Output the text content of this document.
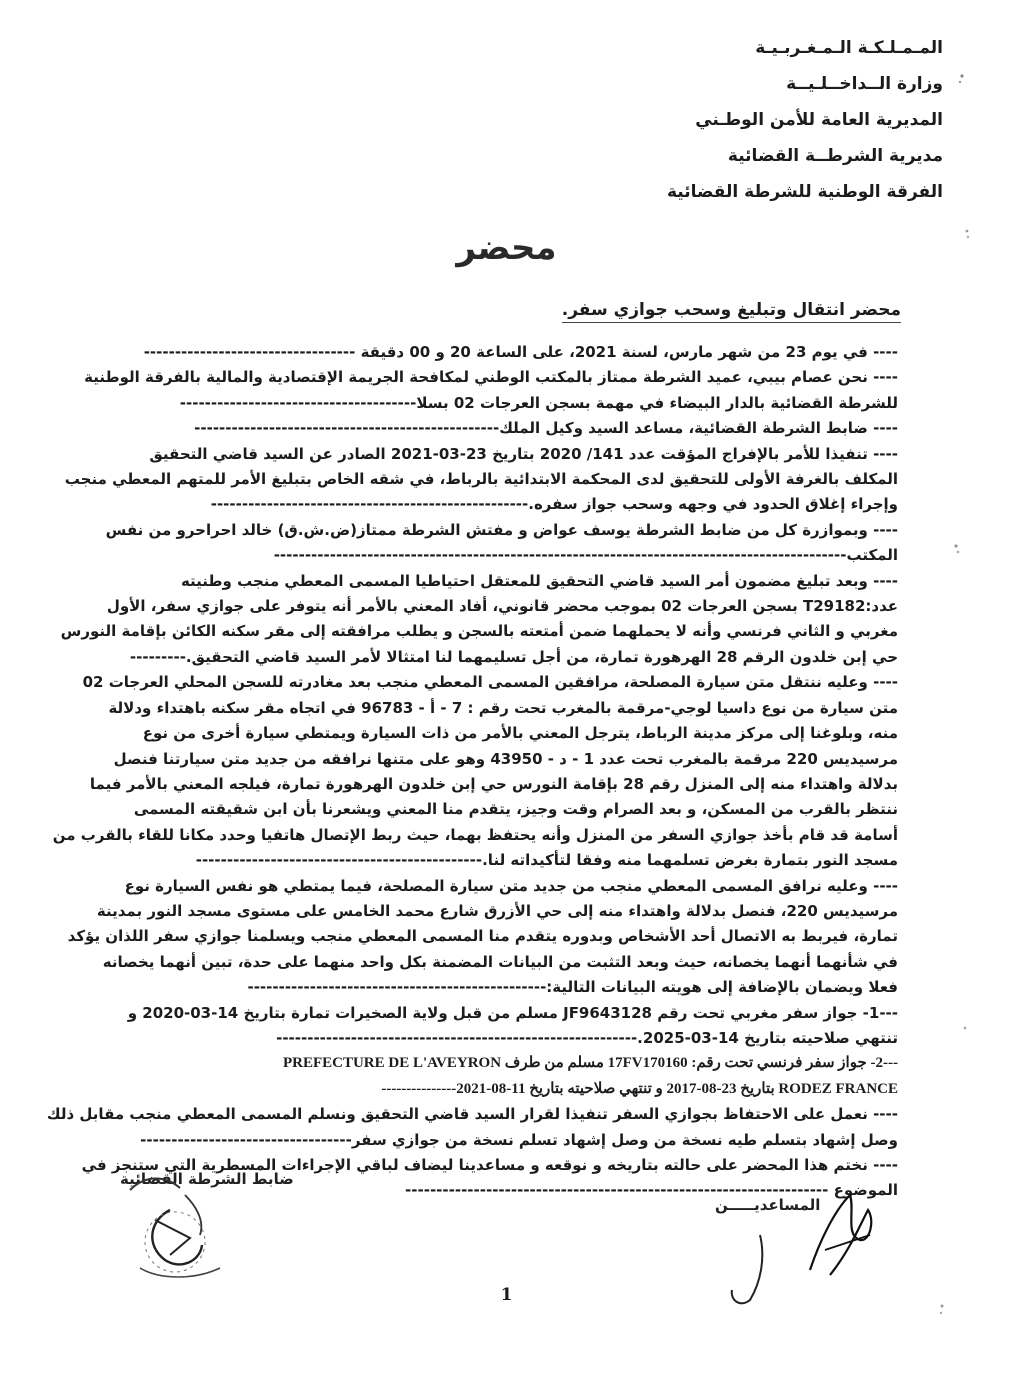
المـمـلـكـة الـمـغـربـيـة
وزارة الــداخــلـيــة
المديرية العامة للأمن الوطـني
مديرية الشرطــة القضائية
الفرقة الوطنية للشرطة القضائية
محضر
محضر انتقال وتبليغ وسحب جوازي سفر.
---- في يوم 23 من شهر مارس، لسنة 2021، على الساعة 20 و 00 دقيقة ----------------------------------
---- نحن عصام بيبي، عميد الشرطة ممتاز بالمكتب الوطني لمكافحة الجريمة الإقتصادية والمالية بالفرقة الوطنية
للشرطة القضائية بالدار البيضاء في مهمة بسجن العرجات 02 بسلا--------------------------------------
---- ضابط الشرطة القضائية، مساعد السيد وكيل الملك-------------------------------------------------
---- تنفيذا للأمر بالإفراج المؤقت عدد 141/ 2020 بتاريخ 23-03-2021 الصادر عن السيد قاضي التحقيق
المكلف بالغرفة الأولى للتحقيق لدى المحكمة الابتدائية بالرباط، في شقه الخاص بتبليغ الأمر للمتهم المعطي منجب
وإجراء إغلاق الحدود في وجهه وسحب جواز سفره.---------------------------------------------------
---- وبموازرة كل من ضابط الشرطة يوسف عواض و مفتش الشرطة ممتاز(ض.ش.ق) خالد احراحرو من نفس
المكتب--------------------------------------------------------------------------------------------
---- وبعد تبليغ مضمون أمر السيد قاضي التحقيق للمعتقل احتياطيا المسمى المعطي منجب وطنيته
عدد:T29182 بسجن العرجات 02 بموجب محضر قانوني، أفاد المعني بالأمر أنه يتوفر على جوازي سفر، الأول
مغربي و الثاني فرنسي وأنه لا يحملهما ضمن أمتعته بالسجن و يطلب مرافقته إلى مقر سكنه الكائن بإقامة النورس
حي إبن خلدون الرقم 28 الهرهورة تمارة، من أجل تسليمهما لنا امتثالا لأمر السيد قاضي التحقيق.---------
---- وعليه ننتقل متن سيارة المصلحة، مرافقين المسمى المعطي منجب بعد مغادرته للسجن المحلي العرجات 02
متن سيارة من نوع داسيا لوجي-مرقمة بالمغرب تحت رقم : 7 - أ - 96783 في اتجاه مقر سكنه باهتداء ودلالة
منه، وبلوغنا إلى مركز مدينة الرباط، يترجل المعني بالأمر من ذات السيارة ويمتطي سيارة أخرى من نوع
مرسيديس 220 مرقمة بالمغرب تحت عدد 1 - د - 43950 وهو على متنها نرافقه من جديد متن سيارتنا فنصل
بدلالة واهتداء منه إلى المنزل رقم 28 بإقامة النورس حي إبن خلدون الهرهورة تمارة، فيلجه المعني بالأمر فيما
ننتظر بالقرب من المسكن، و بعد الصرام وقت وجيز، يتقدم منا المعني ويشعرنا بأن ابن شقيقته المسمى
أسامة قد قام بأخذ جوازي السفر من المنزل وأنه يحتفظ بهما، حيث ربط الإتصال هاتفيا وحدد مكانا للقاء بالقرب من
مسجد النور بتمارة بغرض تسلمهما منه وفقا لتأكيداته لنا.----------------------------------------------
---- وعليه نرافق المسمى المعطي منجب من جديد متن سيارة المصلحة، فيما يمتطي هو نفس السيارة نوع
مرسيديس 220، فنصل بدلالة واهتداء منه إلى حي الأزرق شارع محمد الخامس على مستوى مسجد النور بمدينة
تمارة، فيربط به الاتصال أحد الأشخاص وبدوره يتقدم منا المسمى المعطي منجب ويسلمنا جوازي سفر اللذان يؤكد
في شأنهما أنهما يخصانه، حيث وبعد التثبت من البيانات المضمنة بكل واحد منهما على حدة، تبين أنهما يخصانه
فعلا ويضمان بالإضافة إلى هويته البيانات التالية:------------------------------------------------
---1- جواز سفر مغربي تحت رقم JF9643128 مسلم من قبل ولاية الصخيرات تمارة بتاريخ 14-03-2020 و
تنتهي صلاحيته بتاريخ 14-03-2025.----------------------------------------------------------
---2- جواز سفر فرنسي تحت رقم: 17FV170160 مسلم من طرف PREFECTURE DE L'AVEYRON
RODEZ FRANCE بتاريخ 23-08-2017 و تنتهي صلاحيته بتاريخ 11-08-2021---------------
---- نعمل على الاحتفاظ بجوازي السفر تنفيذا لقرار السيد قاضي التحقيق ونسلم المسمى المعطي منجب مقابل ذلك
وصل إشهاد بتسلم طيه نسخة من وصل إشهاد تسلم نسخة من جوازي سفر----------------------------------
---- نختم هذا المحضر على حالته بتاريخه و نوقعه و مساعدينا ليضاف لباقي الإجراءات المسطرية التي ستنجز في
الموضوع --------------------------------------------------------------------
ضابط الشرطة القضائية
المساعديـــــن
1
